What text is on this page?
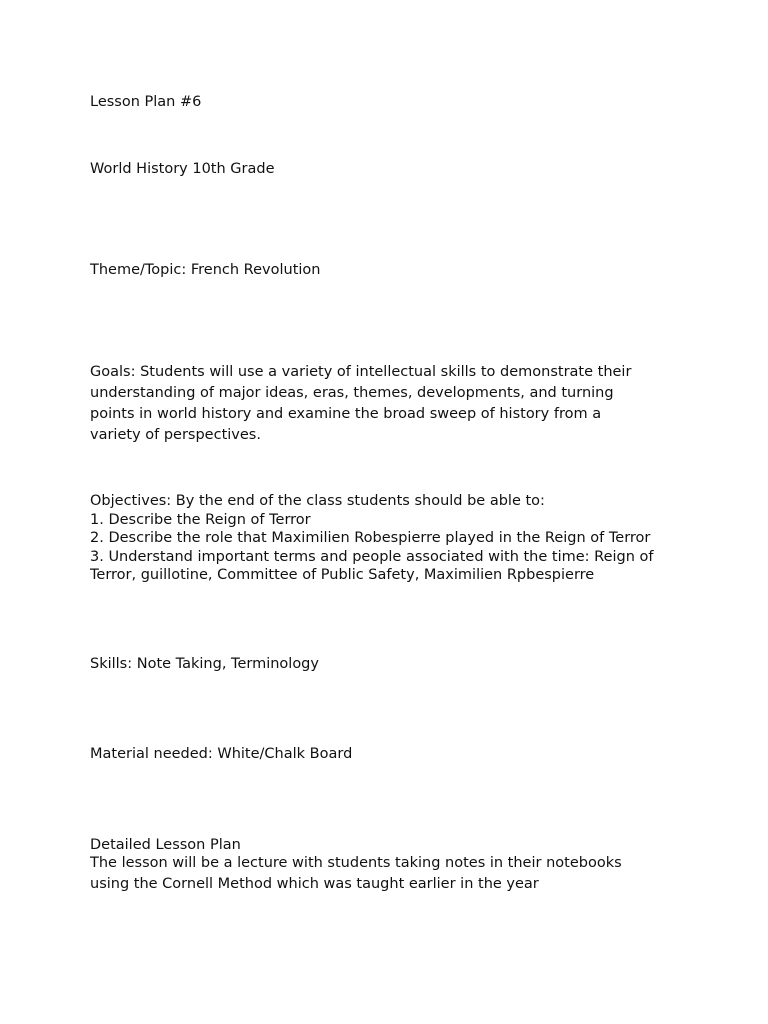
Lesson Plan #6
World History 10th Grade
Theme/Topic: French Revolution
Goals: Students will use a variety of intellectual skills to demonstrate their
understanding of major ideas, eras, themes, developments, and turning
points in world history and examine the broad sweep of history from a
variety of perspectives.
Objectives: By the end of the class students should be able to:
1. Describe the Reign of Terror
2. Describe the role that Maximilien Robespierre played in the Reign of Terror
3. Understand important terms and people associated with the time: Reign of
Terror, guillotine, Committee of Public Safety, Maximilien Rpbespierre
Skills: Note Taking, Terminology
Material needed: White/Chalk Board
Detailed Lesson Plan
The lesson will be a lecture with students taking notes in their notebooks
using the Cornell Method which was taught earlier in the year
